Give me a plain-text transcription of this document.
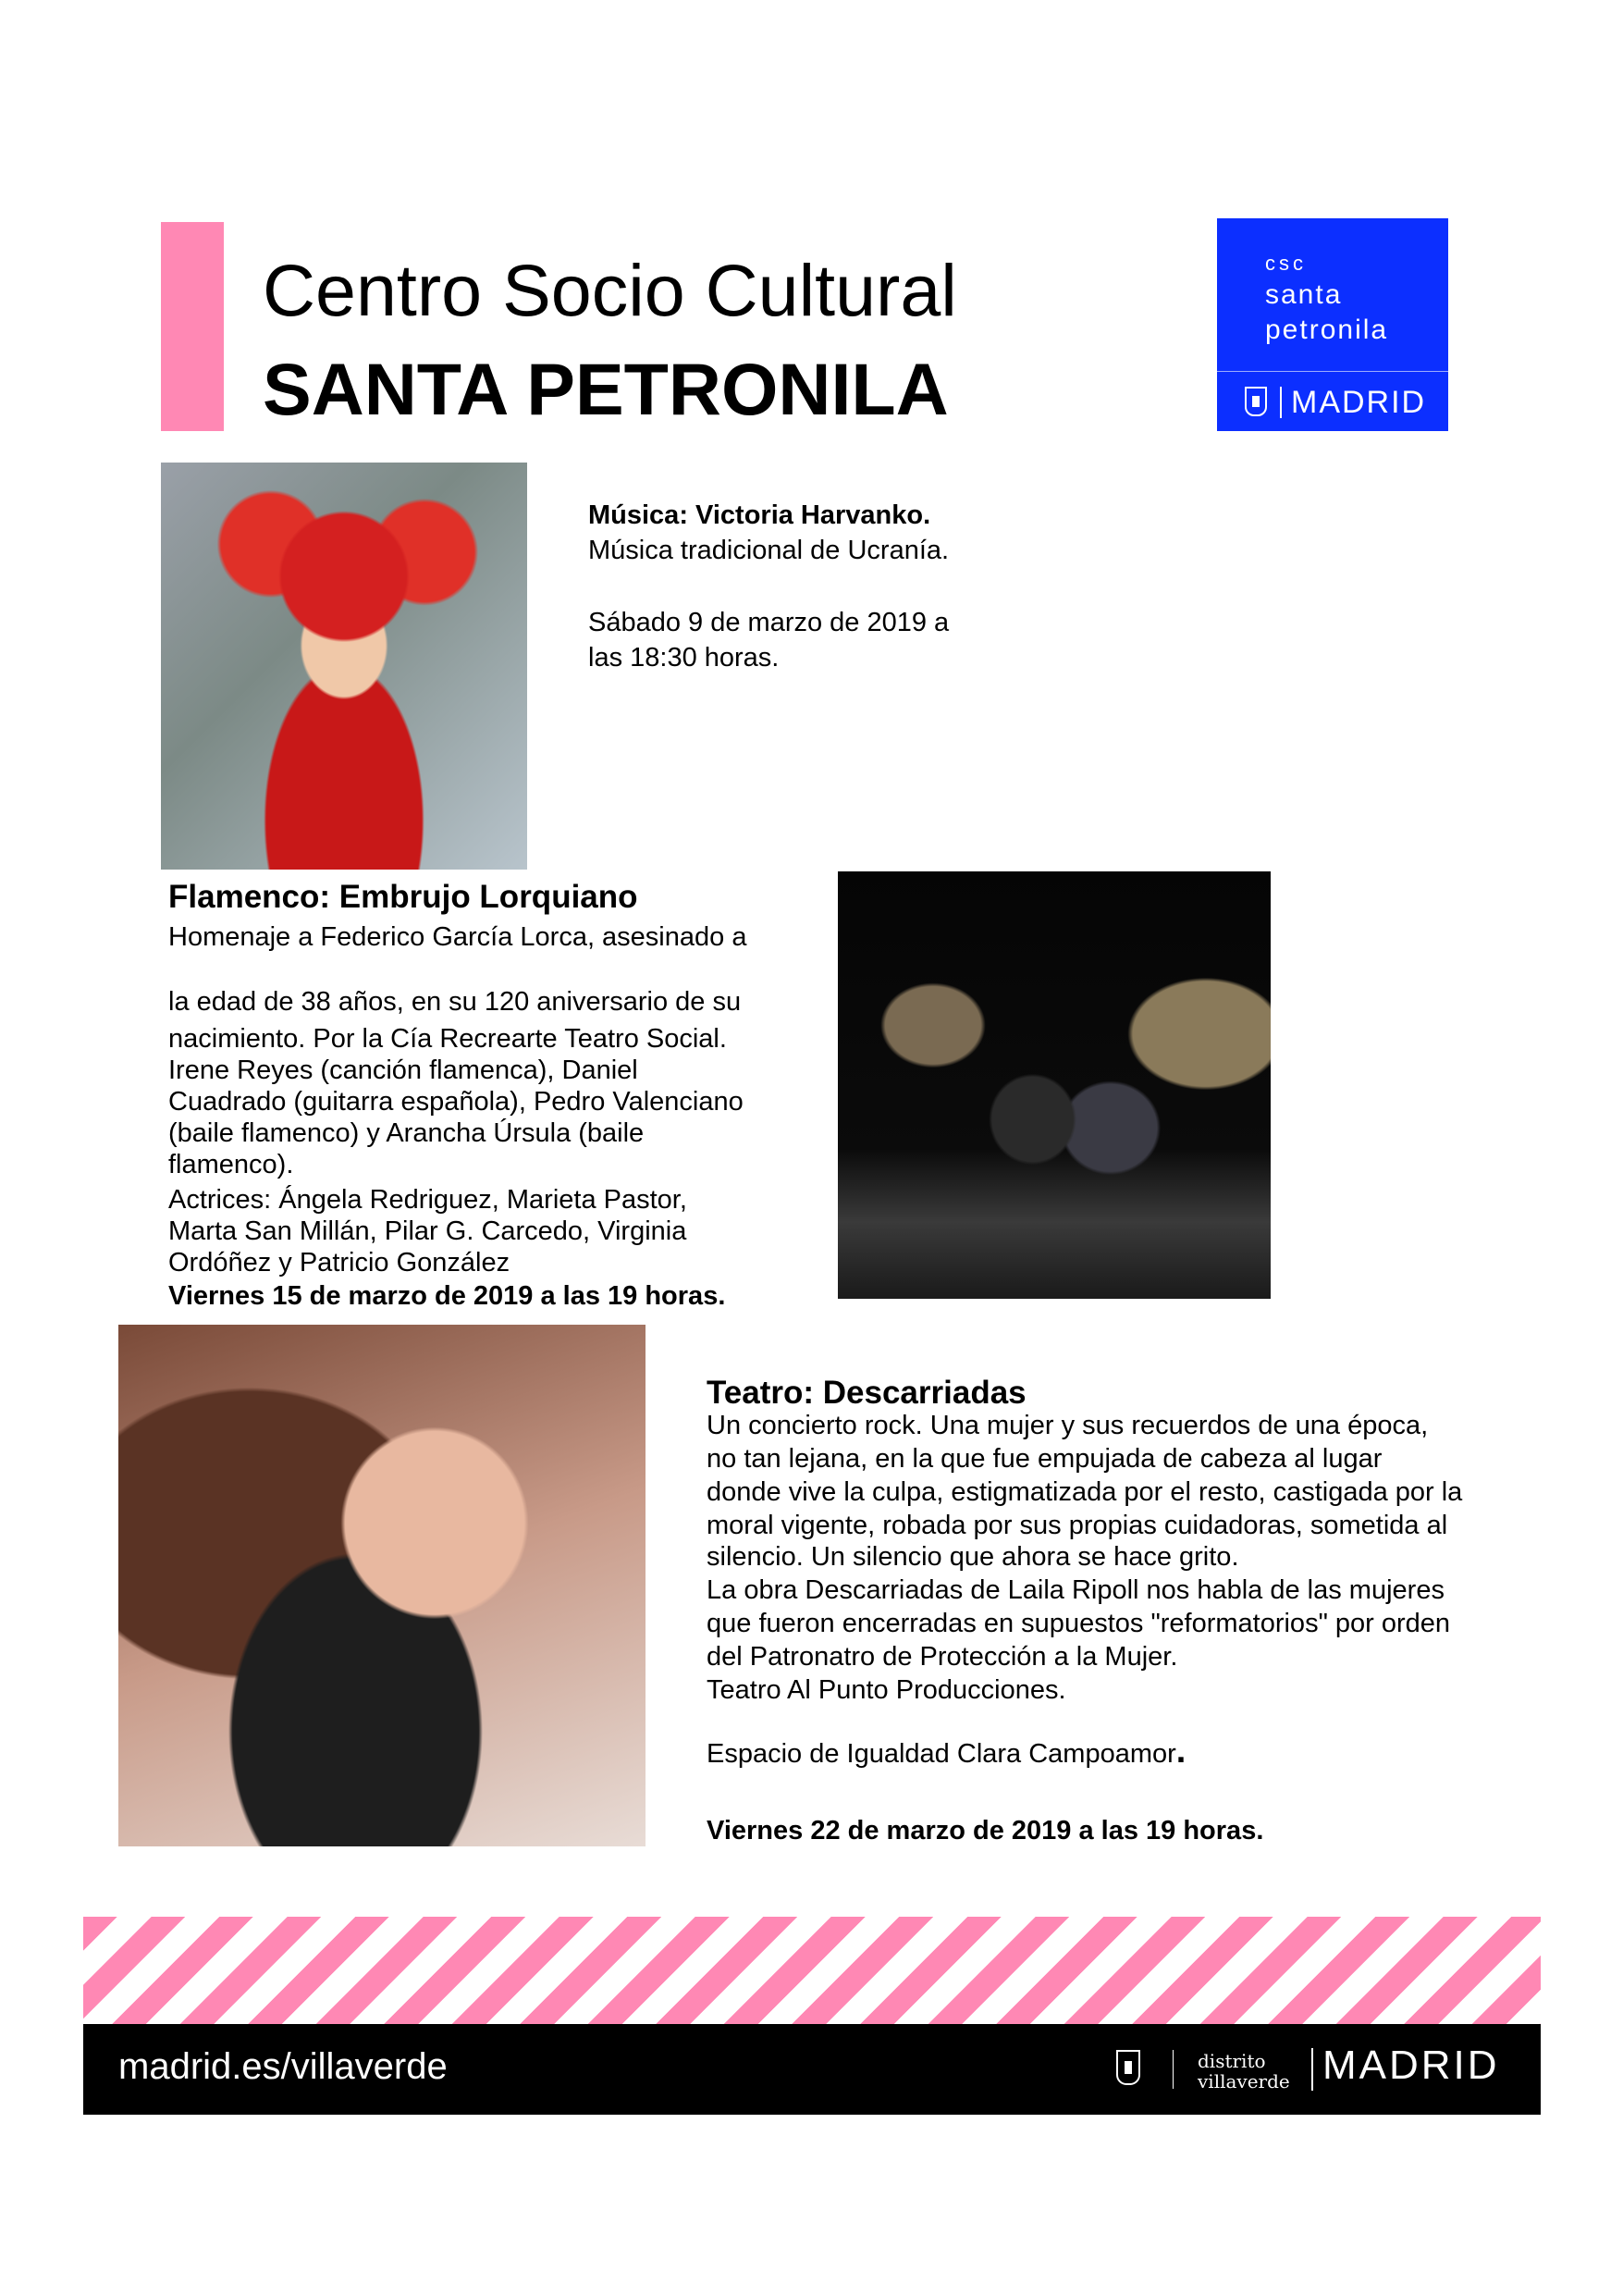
Centro Socio Cultural
SANTA PETRONILA
csc
santa
petronila
MADRID
Música: Victoria Harvanko.
Música tradicional de Ucranía.
Sábado 9 de marzo de 2019 a
las 18:30 horas.
Flamenco: Embrujo Lorquiano
Homenaje a Federico García Lorca, asesinado a
la edad de 38 años, en su 120 aniversario de su
nacimiento. Por la Cía Recrearte Teatro Social.
Irene Reyes (canción flamenca), Daniel
Cuadrado (guitarra española), Pedro Valenciano
(baile flamenco) y Arancha Úrsula (baile
flamenco).
Actrices: Ángela Redriguez, Marieta Pastor,
Marta San Millán, Pilar G. Carcedo, Virginia
Ordóñez y Patricio González
Viernes 15 de marzo de 2019 a las 19 horas.
Teatro: Descarriadas
Un concierto rock. Una mujer y sus recuerdos de una época,
no tan lejana, en la que fue empujada de cabeza al lugar
donde vive la culpa, estigmatizada por el resto, castigada por la
moral vigente, robada por sus propias cuidadoras, sometida al
silencio. Un silencio que ahora se hace grito.
La obra Descarriadas de Laila Ripoll nos habla de las mujeres
que fueron encerradas en supuestos "reformatorios" por orden
del Patronatro de Protección a la Mujer.
Teatro Al Punto Producciones.
Espacio de Igualdad Clara Campoamor.
Viernes 22 de marzo de 2019 a las 19 horas.
madrid.es/villaverde	distrito
villaverde MADRID
